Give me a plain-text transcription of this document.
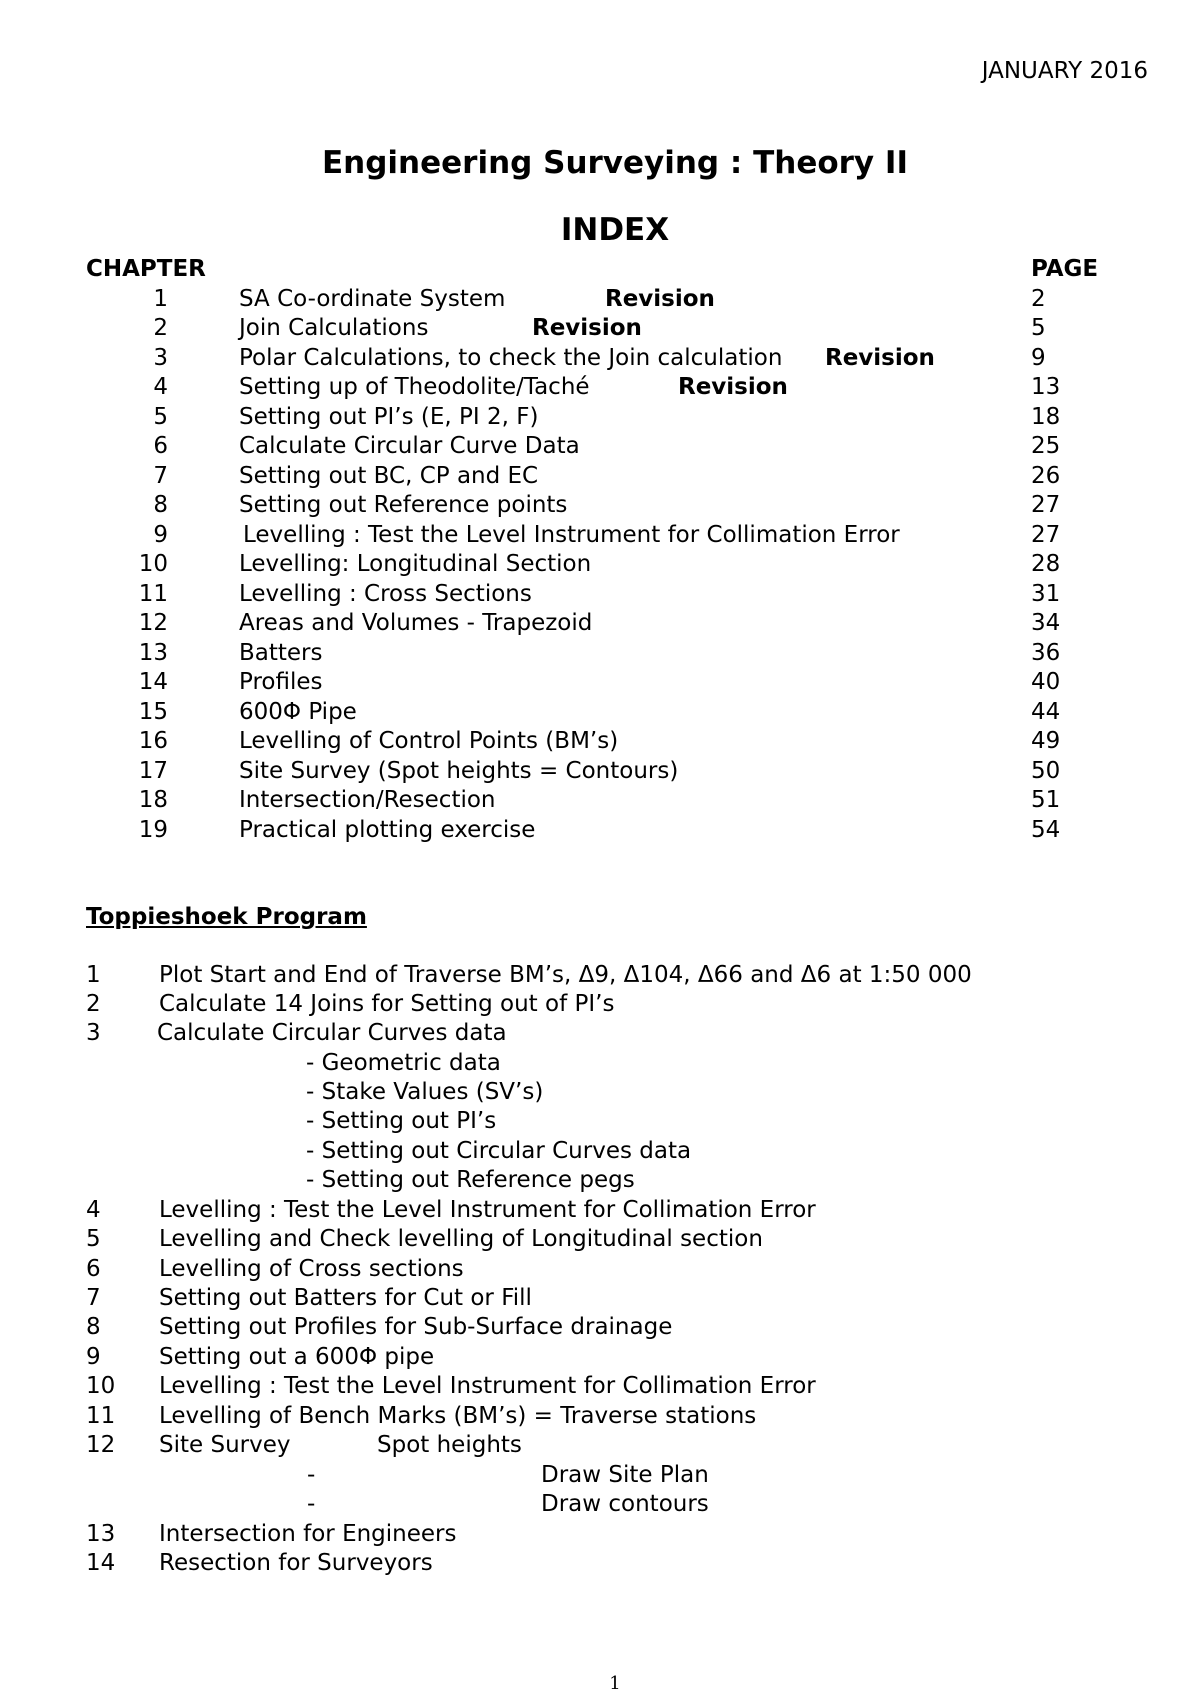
JANUARY 2016
Engineering Surveying : Theory II
INDEX
CHAPTER	PAGE
1	SA Co-ordinate System	Revision	2
2	Join Calculations	Revision	5
3	Polar Calculations, to check the Join calculation Revision	9
4	Setting up of Theodolite/Taché	Revision	13
5	Setting out PI’s (E, PI 2, F)	18
6	Calculate Circular Curve Data	25
7	Setting out BC, CP and EC	26
8	Setting out Reference points	27
9	Levelling : Test the Level Instrument for Collimation Error	27
10	Levelling: Longitudinal Section	28
11	Levelling : Cross Sections	31
12	Areas and Volumes - Trapezoid	34
13	Batters	36
14	Profiles	40
15	600Φ Pipe	44
16	Levelling of Control Points (BM’s)	49
17	Site Survey (Spot heights = Contours)	50
18	Intersection/Resection	51
19	Practical plotting exercise	54
Toppieshoek Program
1	Plot Start and End of Traverse BM’s, Δ9, Δ104, Δ66 and Δ6 at 1:50 000
2	Calculate 14 Joins for Setting out of PI’s
3 Calculate Circular Curves data
- Geometric data
- Stake Values (SV’s)
- Setting out PI’s
- Setting out Circular Curves data
- Setting out Reference pegs
4	Levelling : Test the Level Instrument for Collimation Error
5	Levelling and Check levelling of Longitudinal section
6	Levelling of Cross sections
7	Setting out Batters for Cut or Fill
8	Setting out Profiles for Sub-Surface drainage
9	Setting out a 600Φ pipe
10 Levelling : Test the Level Instrument for Collimation Error
11 Levelling of Bench Marks (BM’s) = Traverse stations
12 Site Survey	Spot heights
-	Draw Site Plan
-	Draw contours
13 Intersection for Engineers
14 Resection for Surveyors
1
